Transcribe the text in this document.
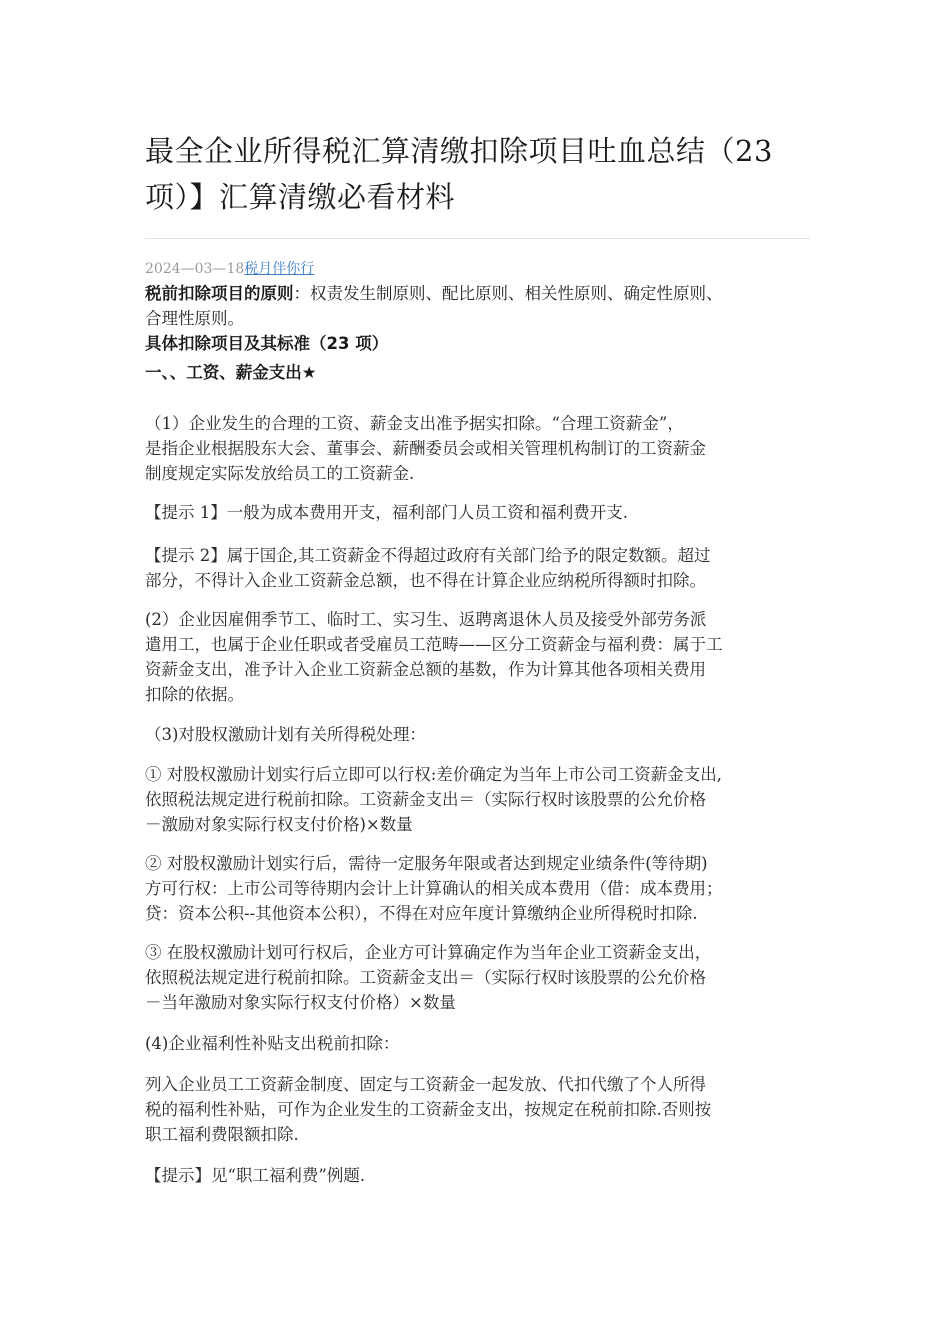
最全企业所得税汇算清缴扣除项目吐血总结（23
项）】汇算清缴必看材料
2024—03—18税月伴你行
税前扣除项目的原则：权责发生制原则、配比原则、相关性原则、确定性原则、
合理性原则。
具体扣除项目及其标准（23 项）
一、、工资、薪金支出★
（1）企业发生的合理的工资、薪金支出准予据实扣除。“合理工资薪金”，
是指企业根据股东大会、董事会、薪酬委员会或相关管理机构制订的工资薪金
制度规定实际发放给员工的工资薪金.
【提示 1】一般为成本费用开支，福利部门人员工资和福利费开支.
【提示 2】属于国企,其工资薪金不得超过政府有关部门给予的限定数额。超过
部分，不得计入企业工资薪金总额，也不得在计算企业应纳税所得额时扣除。
(2）企业因雇佣季节工、临时工、实习生、返聘离退休人员及接受外部劳务派
遣用工，也属于企业任职或者受雇员工范畴——区分工资薪金与福利费：属于工
资薪金支出，准予计入企业工资薪金总额的基数，作为计算其他各项相关费用
扣除的依据。
（3)对股权激励计划有关所得税处理：
① 对股权激励计划实行后立即可以行权:差价确定为当年上市公司工资薪金支出,
依照税法规定进行税前扣除。工资薪金支出＝（实际行权时该股票的公允价格
－激励对象实际行权支付价格)×数量
② 对股权激励计划实行后，需待一定服务年限或者达到规定业绩条件(等待期)
方可行权：上市公司等待期内会计上计算确认的相关成本费用（借：成本费用；
贷：资本公积--其他资本公积），不得在对应年度计算缴纳企业所得税时扣除.
③ 在股权激励计划可行权后，企业方可计算确定作为当年企业工资薪金支出，
依照税法规定进行税前扣除。工资薪金支出＝（实际行权时该股票的公允价格
－当年激励对象实际行权支付价格）×数量
(4)企业福利性补贴支出税前扣除：
列入企业员工工资薪金制度、固定与工资薪金一起发放、代扣代缴了个人所得
税的福利性补贴，可作为企业发生的工资薪金支出，按规定在税前扣除.否则按
职工福利费限额扣除.
【提示】见“职工福利费”例题.
